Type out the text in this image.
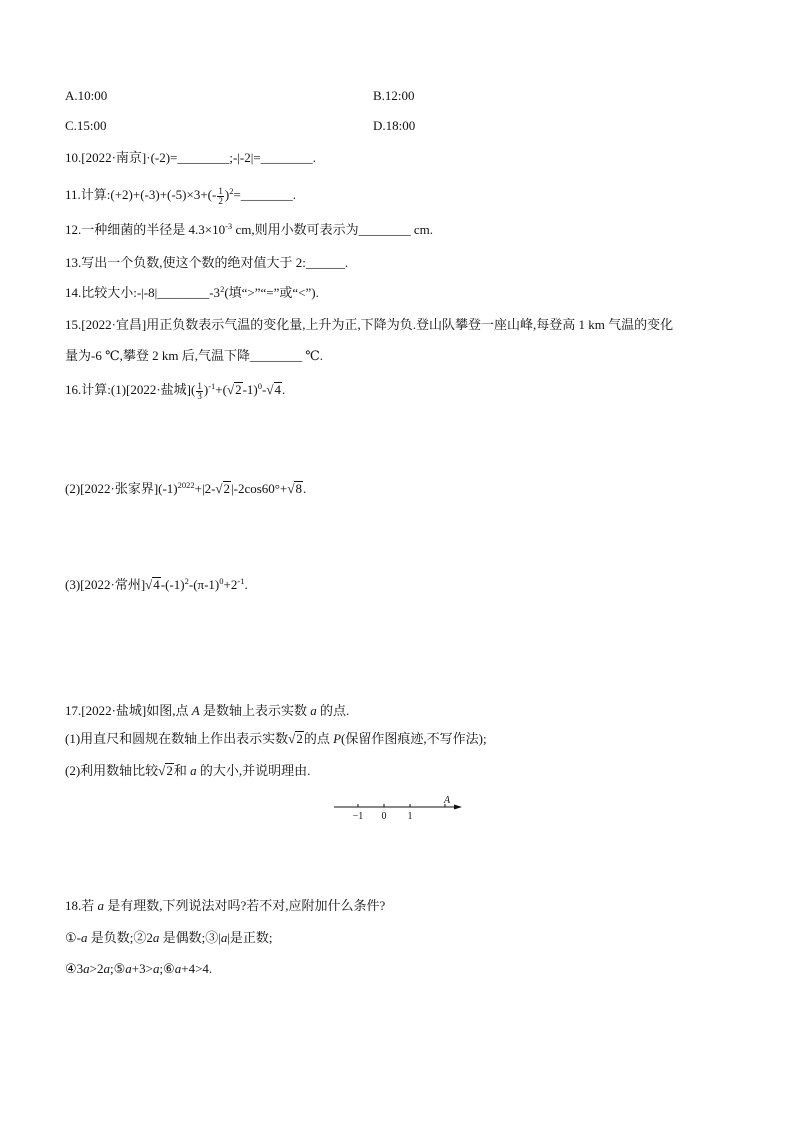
A.10:00	B.12:00
C.15:00	D.18:00
10.[2022·南京]·(-2)=________;-|-2|=________.
11.计算:(+2)+(-3)+(-5)×3+(- $\frac{1}{2}$ )$^2$=________.
12.一种细菌的半径是 $4.3\times 10^{-3}$ cm,则用小数可表示为________ cm.
13.写出一个负数,使这个数的绝对值大于 2:______.
14.比较大小$:-|-8|\_\_\_\_\_\_\_\_-3^2$(填“>”“=”或“<”).
15.[2022·宜昌]用正负数表示气温的变化量,上升为正,下降为负.登山队攀登一座山峰,每登高 1 km 气温的变化
量为-6 ℃,攀登 2 km 后,气温下降________ ℃.
16.计算:(1)[2022·盐城]( $\frac{1}{3} )^{-1}+(√$ 2-1)$^0$-√ 4.
(2)[2022·张家界]$(-1)^{2022}+|2-√$ 2|-2cos60°+√ 8.
(3)[2022·常州]√ $4-(-1)^2-(\pi-1)^0+2^{-1}$.
17.[2022·盐城]如图,点 A 是数轴上表示实数 a 的点.
(1)用直尺和圆规在数轴上作出表示实数√ 2的点 P(保留作图痕迹,不写作法);
(2)利用数轴比较√ 2和 a 的大小,并说明理由.
−1 0 1
A
18.若 a 是有理数,下列说法对吗?若不对,应附加什么条件?
①-a 是负数;②2a 是偶数;③|a|是正数;
④3a>2a;⑤a+3>a;⑥a+4>4.
